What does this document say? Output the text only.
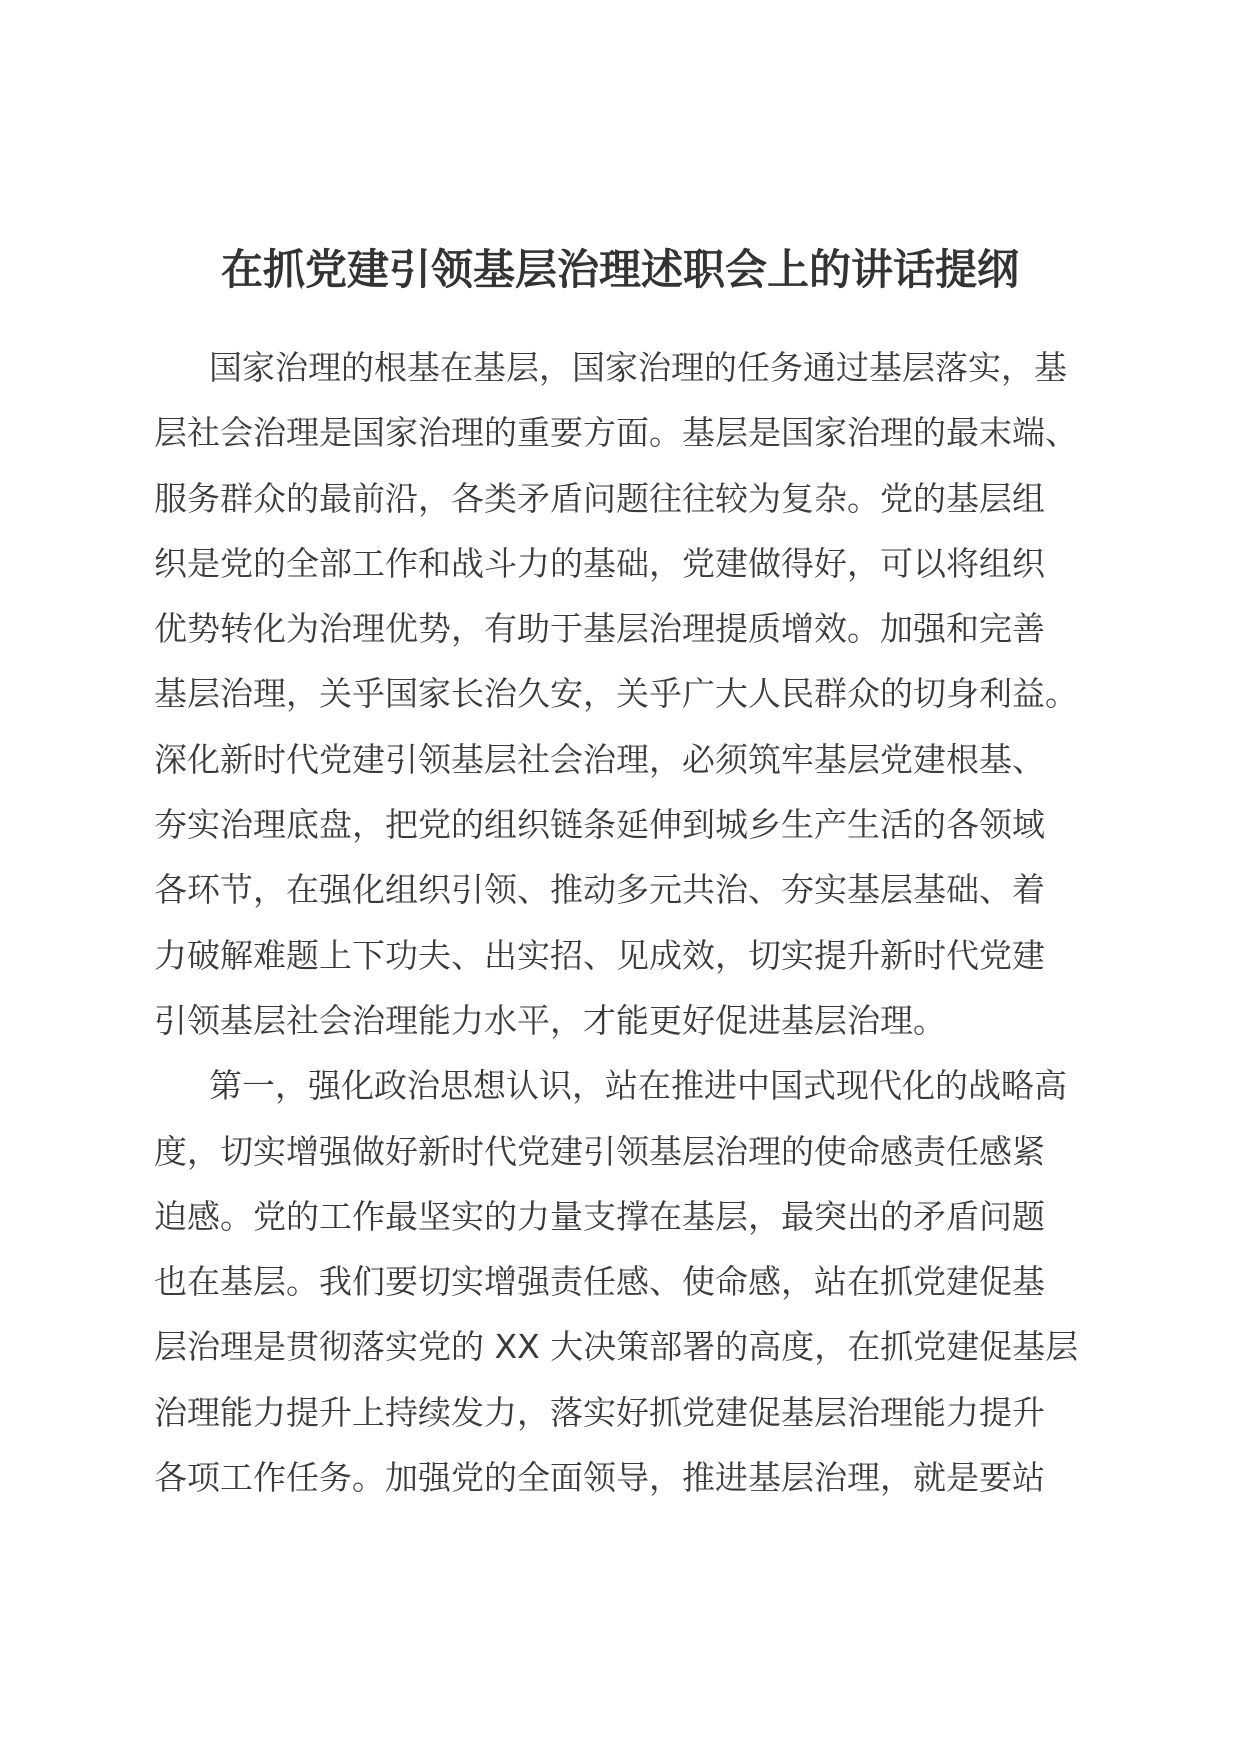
在抓党建引领基层治理述职会上的讲话提纲
国家治理的根基在基层，国家治理的任务通过基层落实，基
层社会治理是国家治理的重要方面。基层是国家治理的最末端、
服务群众的最前沿，各类矛盾问题往往较为复杂。党的基层组
织是党的全部工作和战斗力的基础，党建做得好，可以将组织
优势转化为治理优势，有助于基层治理提质增效。加强和完善
基层治理，关乎国家长治久安，关乎广大人民群众的切身利益。
深化新时代党建引领基层社会治理，必须筑牢基层党建根基、
夯实治理底盘，把党的组织链条延伸到城乡生产生活的各领域
各环节，在强化组织引领、推动多元共治、夯实基层基础、着
力破解难题上下功夫、出实招、见成效，切实提升新时代党建
引领基层社会治理能力水平，才能更好促进基层治理。
第一，强化政治思想认识，站在推进中国式现代化的战略高
度，切实增强做好新时代党建引领基层治理的使命感责任感紧
迫感。党的工作最坚实的力量支撑在基层，最突出的矛盾问题
也在基层。我们要切实增强责任感、使命感，站在抓党建促基
层治理是贯彻落实党的 XX 大决策部署的高度，在抓党建促基层
治理能力提升上持续发力，落实好抓党建促基层治理能力提升
各项工作任务。加强党的全面领导，推进基层治理，就是要站
